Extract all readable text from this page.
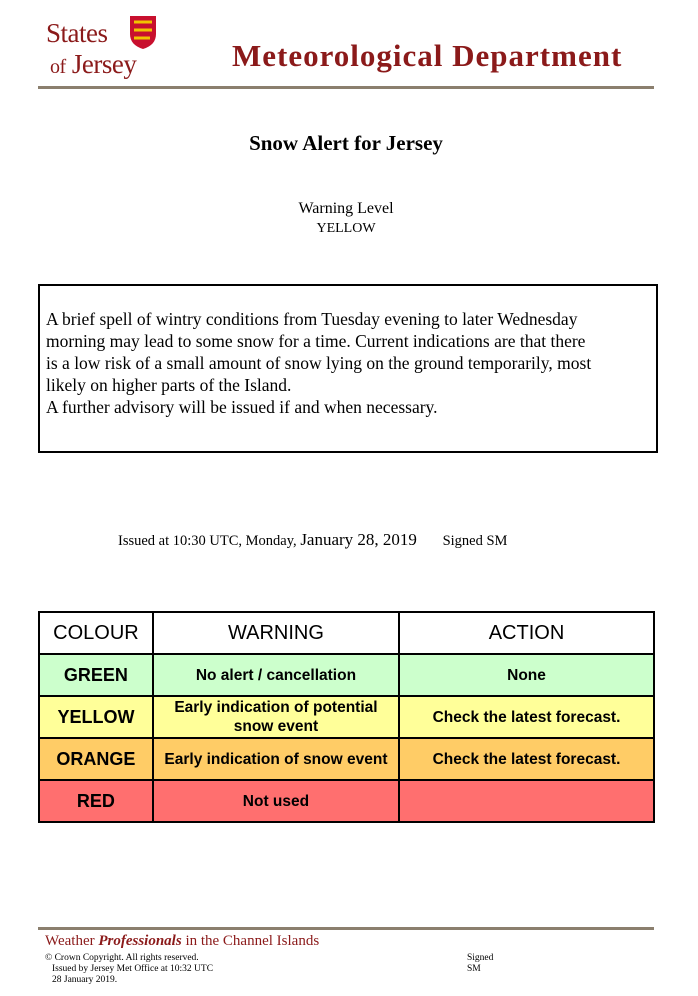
States
of Jersey	Meteorological Department
Snow Alert for Jersey
Warning Level
YELLOW
A brief spell of wintry conditions from Tuesday evening to later Wednesday
morning may lead to some snow for a time. Current indications are that there
is a low risk of a small amount of snow lying on the ground temporarily, most
likely on higher parts of the Island.
A further advisory will be issued if and when necessary.
Issued at 10:30 UTC, Monday, January 28, 2019 Signed SM
COLOUR	WARNING	ACTION
GREEN	No alert / cancellation	None
YELLOW	Early indication of potential snow event	Check the latest forecast.
ORANGE	Early indication of snow event	Check the latest forecast.
RED	Not used	
Weather Professionals in the Channel Islands
© Crown Copyright. All rights reserved.
Issued by Jersey Met Office at 10:32 UTC
28 January 2019.
Signed
SM
